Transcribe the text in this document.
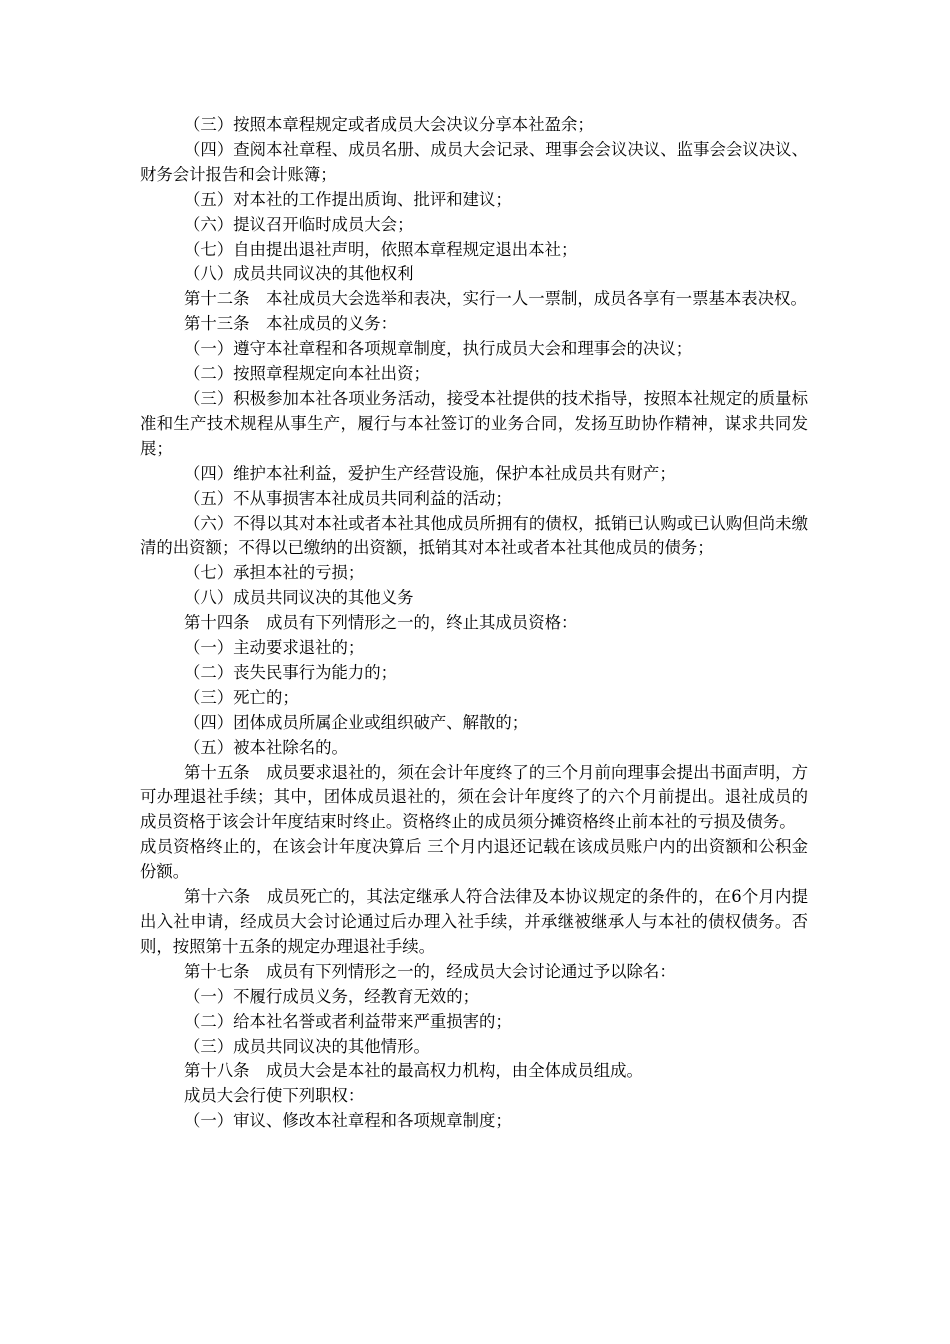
（三）按照本章程规定或者成员大会决议分享本社盈余；

（四）查阅本社章程、成员名册、成员大会记录、理事会会议决议、监事会会议决议、财务会计报告和会计账簿；

（五）对本社的工作提出质询、批评和建议；

（六）提议召开临时成员大会；

（七）自由提出退社声明，依照本章程规定退出本社；

（八）成员共同议决的其他权利

第十二条　本社成员大会选举和表决，实行一人一票制，成员各享有一票基本表决权。

第十三条　本社成员的义务：

（一）遵守本社章程和各项规章制度，执行成员大会和理事会的决议；

（二）按照章程规定向本社出资；

（三）积极参加本社各项业务活动，接受本社提供的技术指导，按照本社规定的质量标准和生产技术规程从事生产，履行与本社签订的业务合同，发扬互助协作精神，谋求共同发展；

（四）维护本社利益，爱护生产经营设施，保护本社成员共有财产；

（五）不从事损害本社成员共同利益的活动；

（六）不得以其对本社或者本社其他成员所拥有的债权，抵销已认购或已认购但尚未缴清的出资额；不得以已缴纳的出资额，抵销其对本社或者本社其他成员的债务；

（七）承担本社的亏损；

（八）成员共同议决的其他义务

第十四条　成员有下列情形之一的，终止其成员资格：

（一）主动要求退社的；

（二）丧失民事行为能力的；

（三）死亡的；

（四）团体成员所属企业或组织破产、解散的；

（五）被本社除名的。

第十五条　成员要求退社的，须在会计年度终了的三个月前向理事会提出书面声明，方可办理退社手续；其中，团体成员退社的，须在会计年度终了的六个月前提出。退社成员的成员资格于该会计年度结束时终止。资格终止的成员须分摊资格终止前本社的亏损及债务。

成员资格终止的，在该会计年度决算后 三个月内退还记载在该成员账户内的出资额和公积金份额。

第十六条　成员死亡的，其法定继承人符合法律及本协议规定的条件的，在6个月内提出入社申请，经成员大会讨论通过后办理入社手续，并承继被继承人与本社的债权债务。否则，按照第十五条的规定办理退社手续。

第十七条　成员有下列情形之一的，经成员大会讨论通过予以除名：

（一）不履行成员义务，经教育无效的；

（二）给本社名誉或者利益带来严重损害的；

（三）成员共同议决的其他情形。

第十八条　成员大会是本社的最高权力机构，由全体成员组成。

成员大会行使下列职权：

（一）审议、修改本社章程和各项规章制度；
